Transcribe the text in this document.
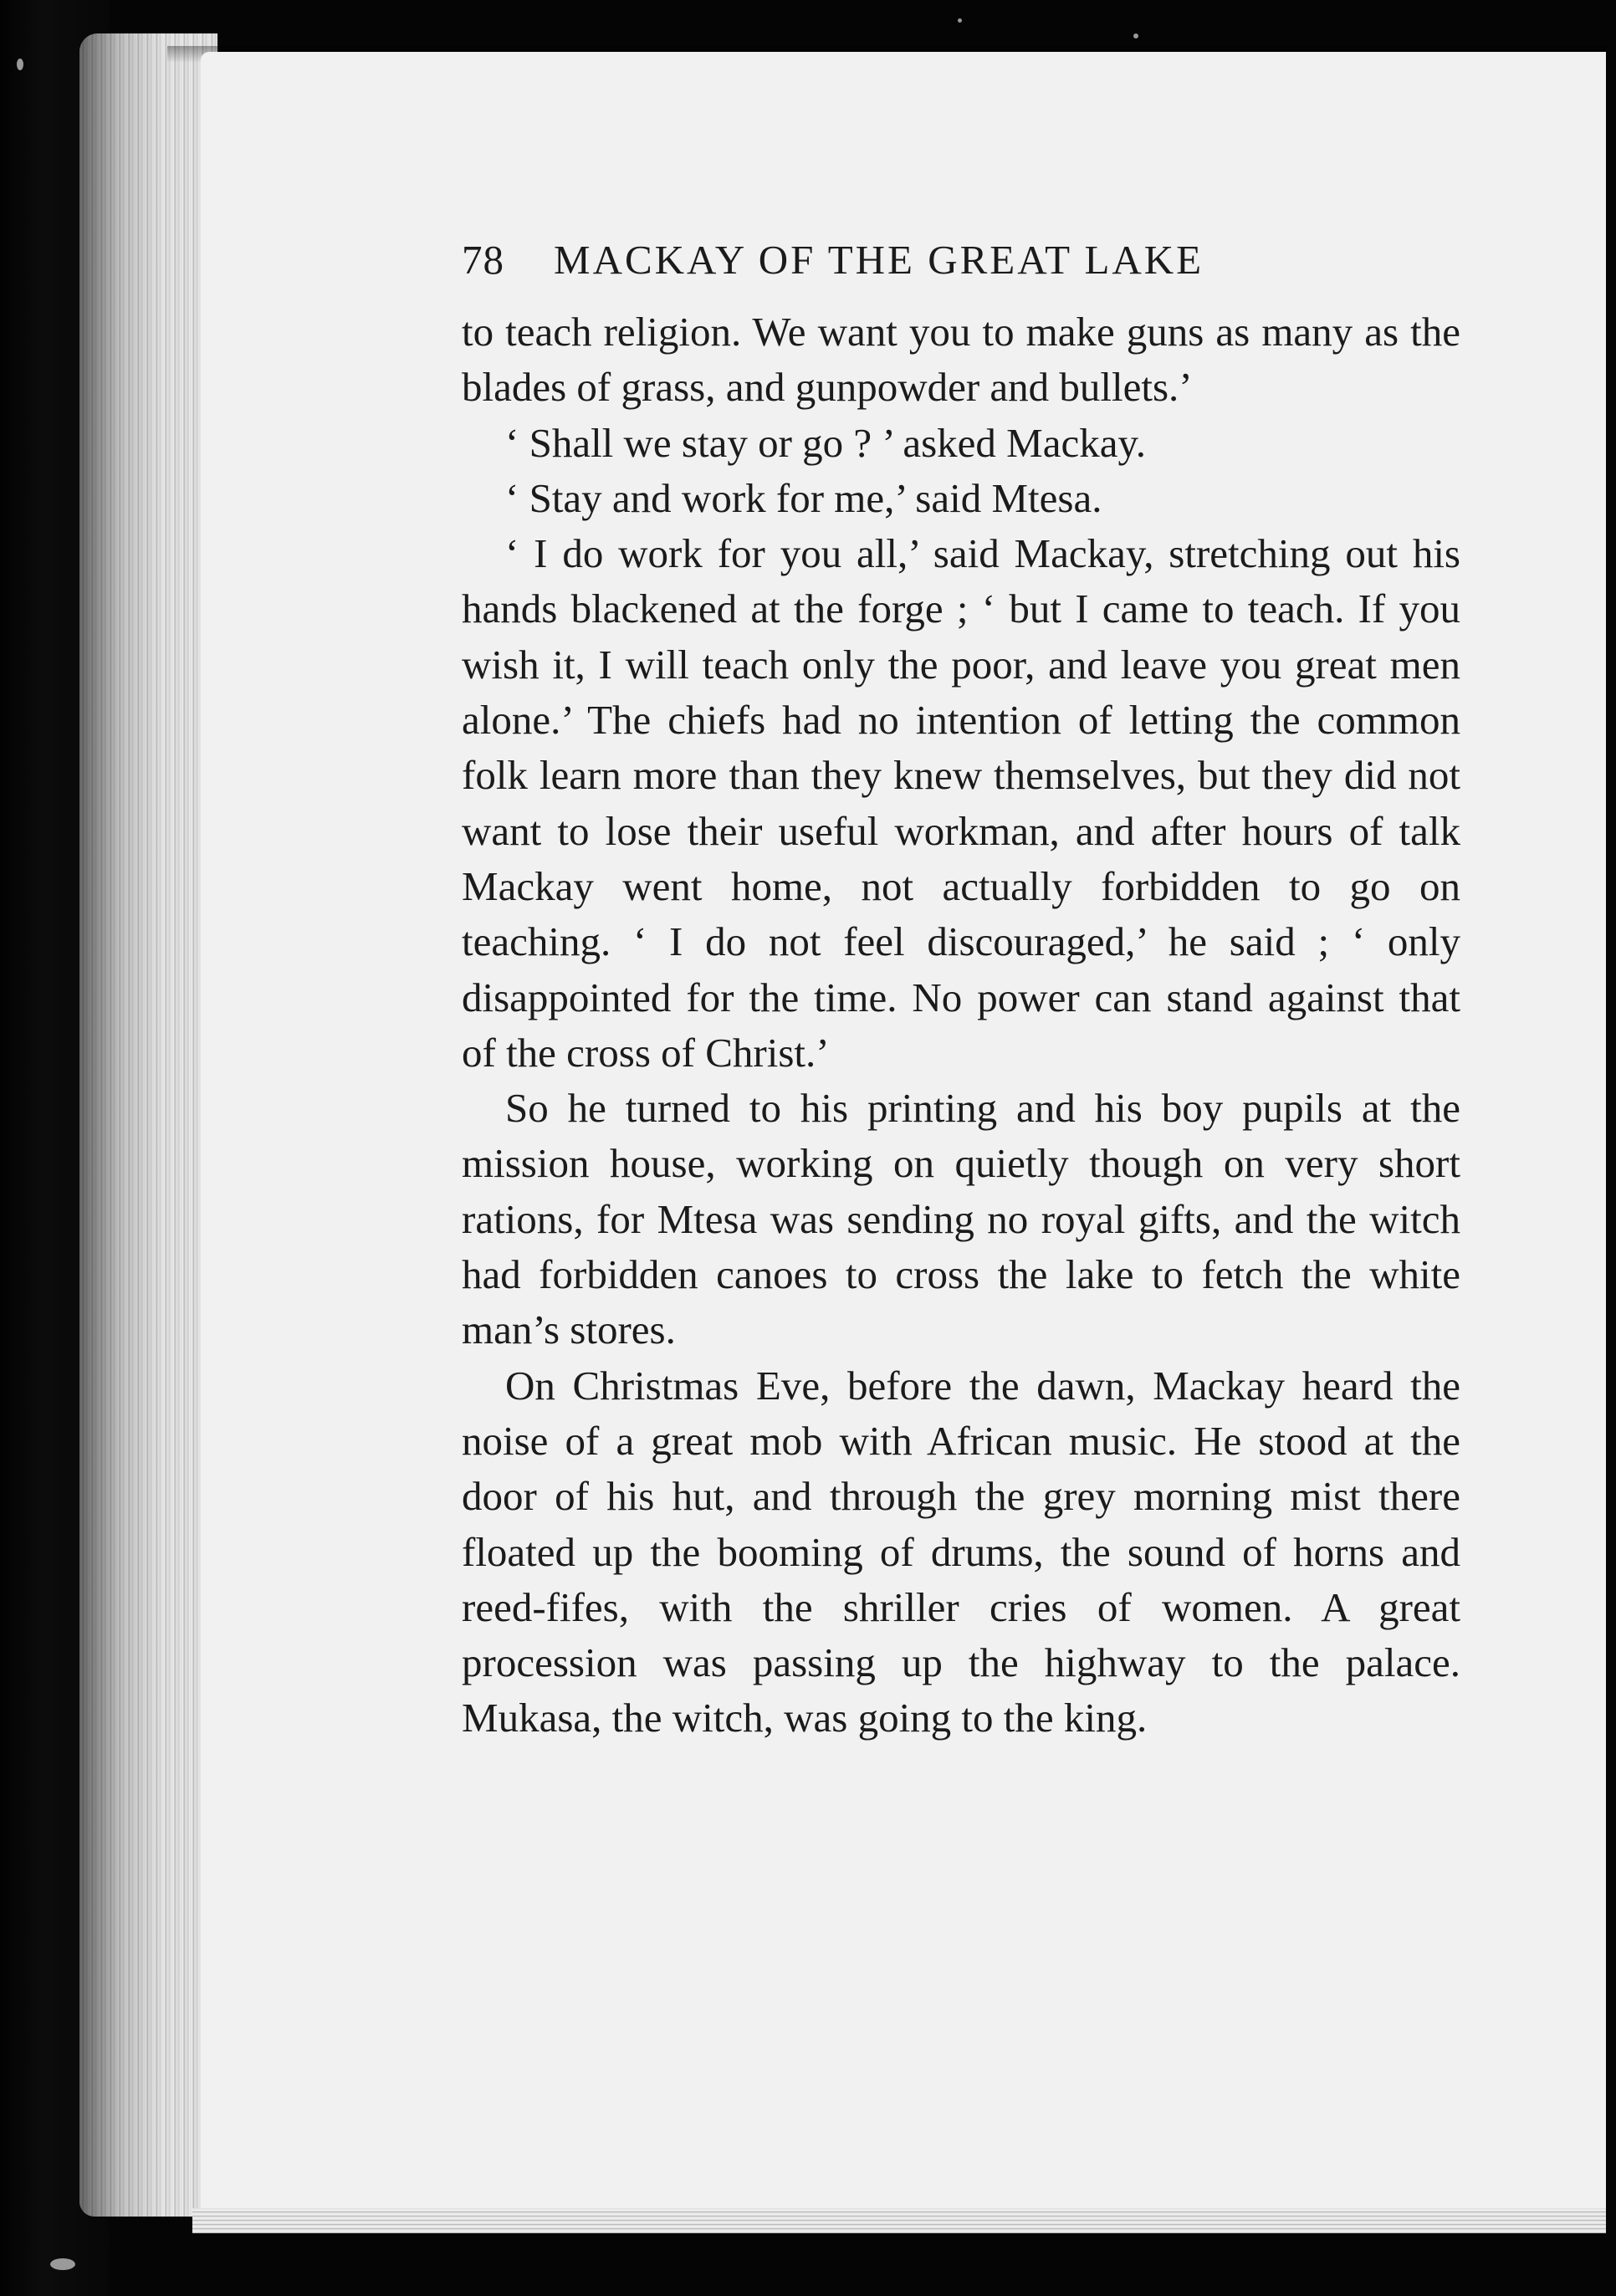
78	MACKAY OF THE GREAT LAKE

to teach religion. We want you to make guns as many as the blades of grass, and gunpowder and bullets.’

‘ Shall we stay or go ? ’ asked Mackay.

‘ Stay and work for me,’ said Mtesa.

‘ I do work for you all,’ said Mackay, stretching out his hands blackened at the forge ; ‘ but I came to teach. If you wish it, I will teach only the poor, and leave you great men alone.’ The chiefs had no intention of letting the common folk learn more than they knew themselves, but they did not want to lose their useful workman, and after hours of talk Mackay went home, not actually forbidden to go on teaching. ‘ I do not feel discouraged,’ he said ; ‘ only disappointed for the time. No power can stand against that of the cross of Christ.’

So he turned to his printing and his boy pupils at the mission house, working on quietly though on very short rations, for Mtesa was sending no royal gifts, and the witch had forbidden canoes to cross the lake to fetch the white man’s stores.

On Christmas Eve, before the dawn, Mackay heard the noise of a great mob with African music. He stood at the door of his hut, and through the grey morning mist there floated up the booming of drums, the sound of horns and reed-fifes, with the shriller cries of women. A great procession was passing up the highway to the palace. Mukasa, the witch, was going to the king.
